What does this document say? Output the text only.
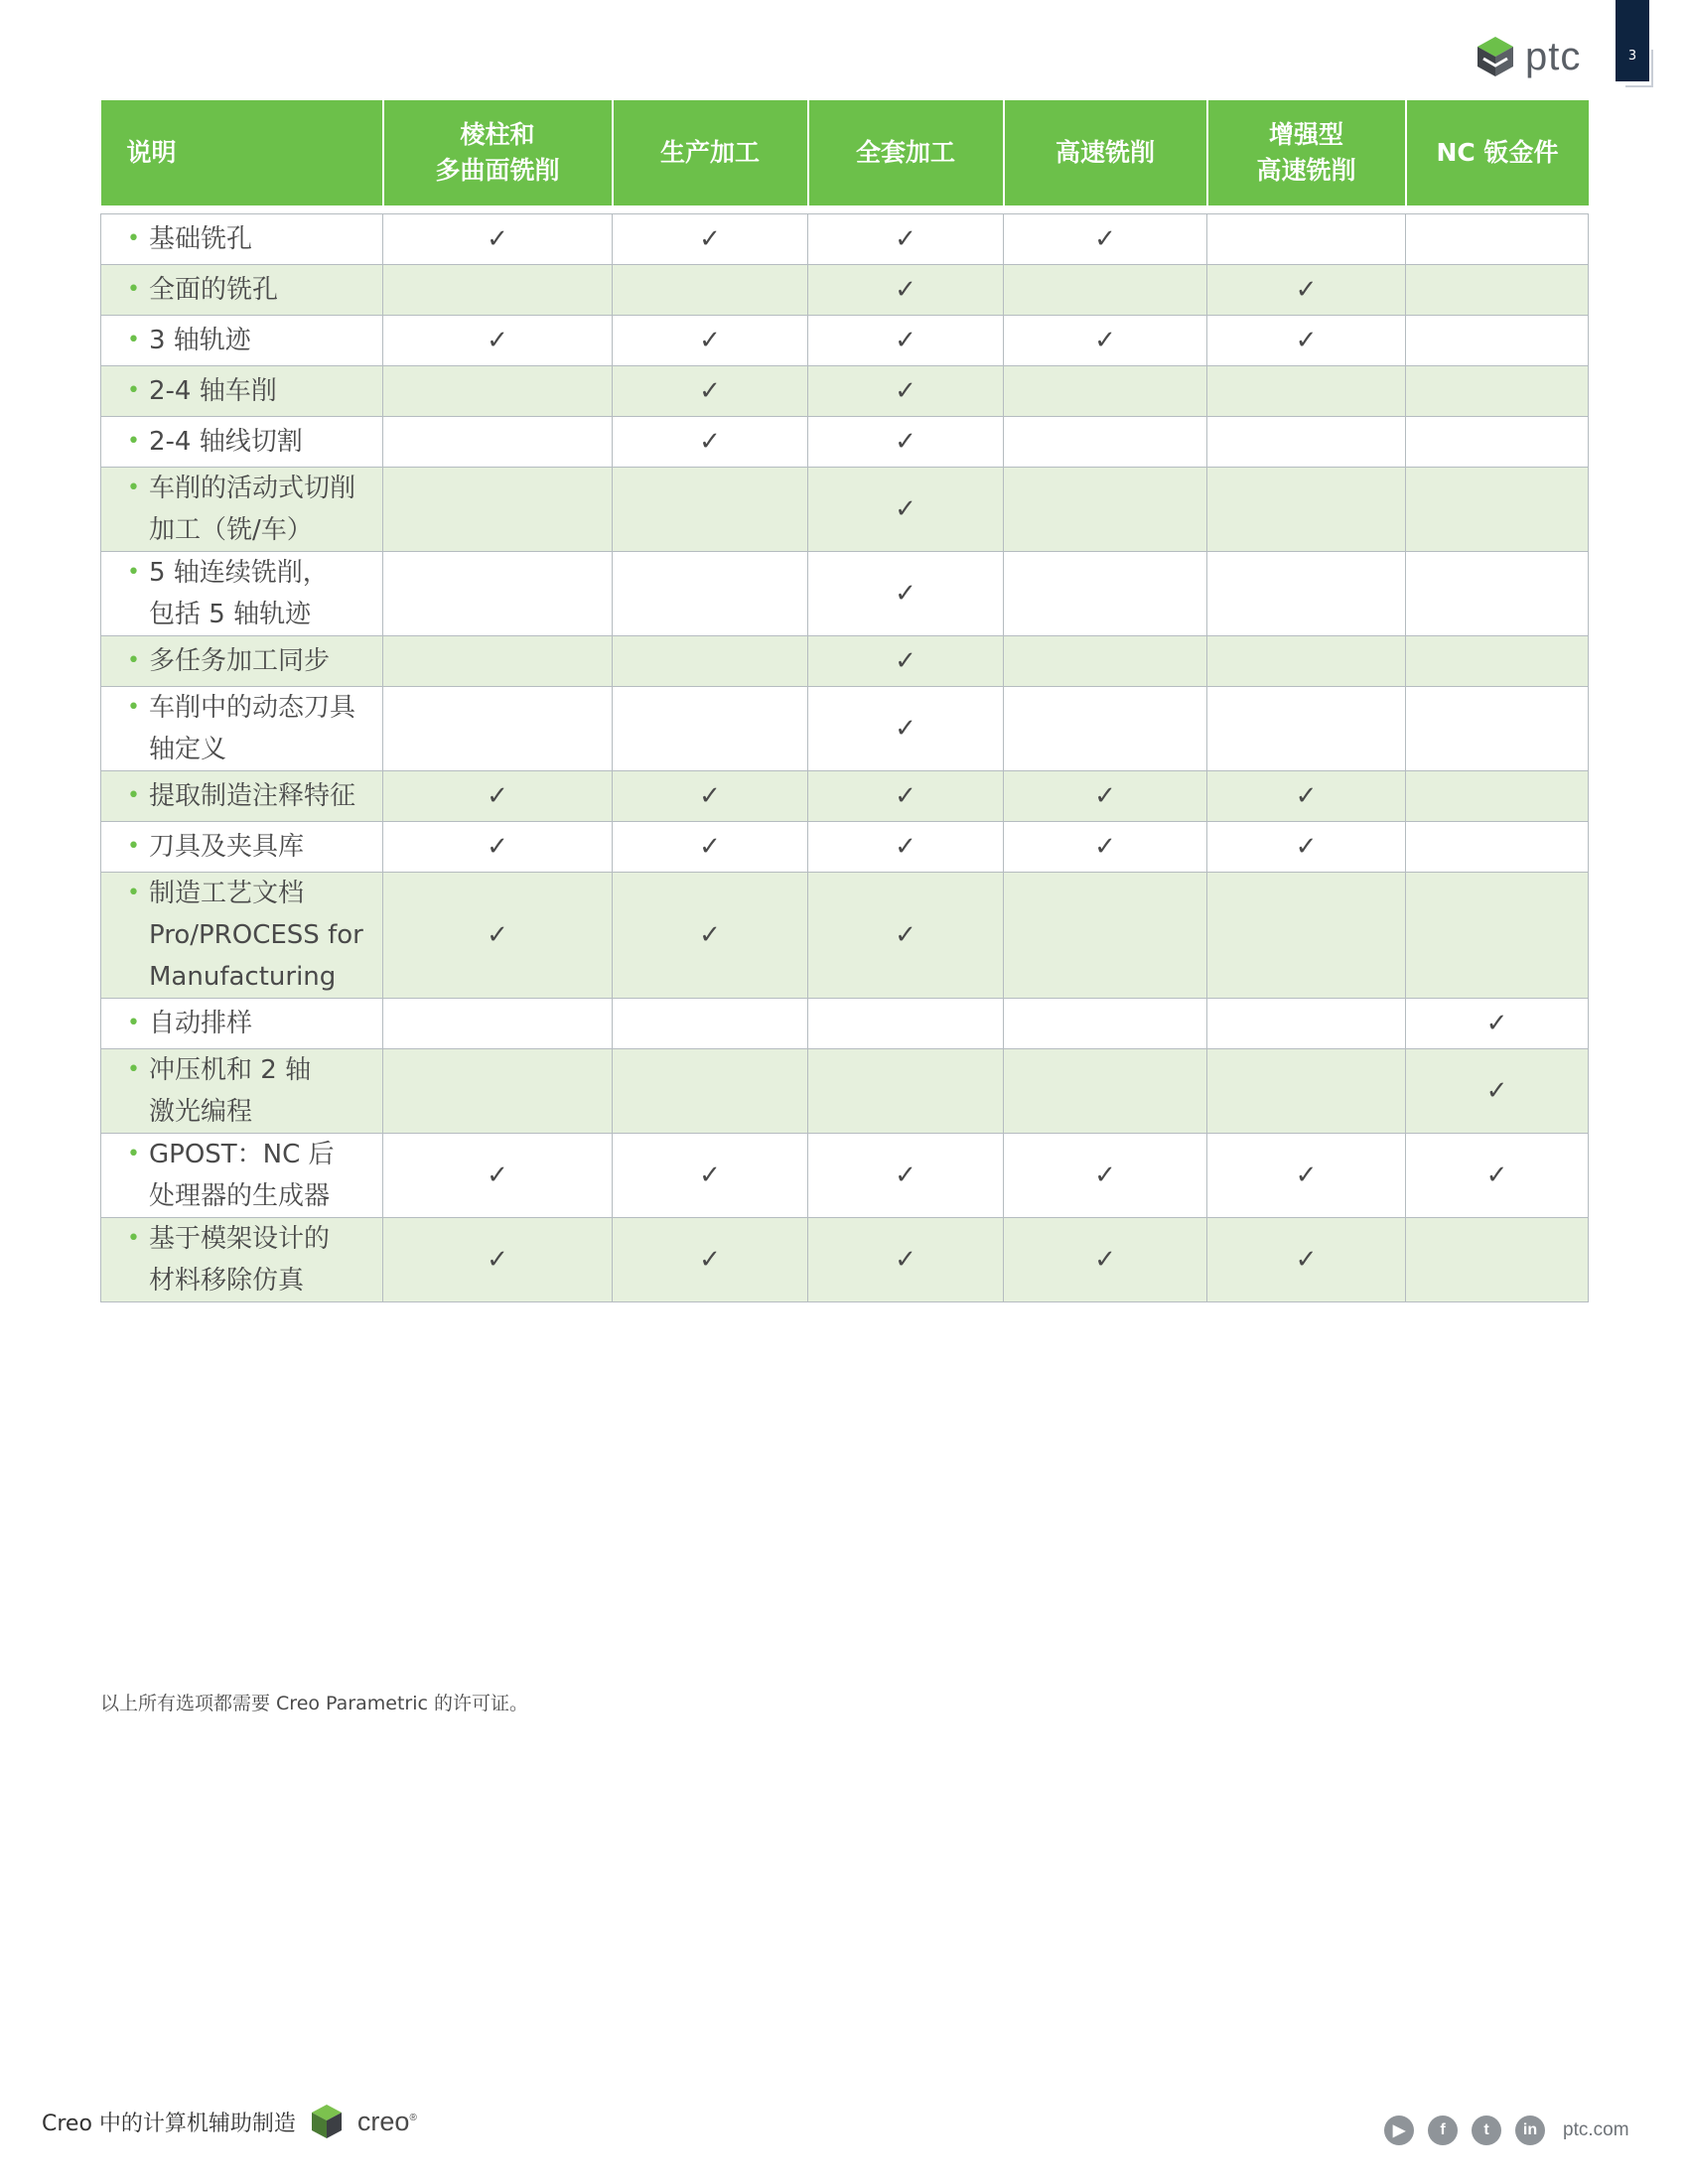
3
ptc
说明	棱柱和
多曲面铣削	生产加工	全套加工	高速铣削	增强型
高速铣削	NC 钣金件

• 基础铣孔	✓	✓	✓	✓		

• 全面的铣孔			✓		✓	

• 3 轴轨迹	✓	✓	✓	✓	✓	

• 2-4 轴车削		✓	✓			

• 2-4 轴线切割		✓	✓			

• 车削的活动式切削
加工（铣/车）			✓			

• 5 轴连续铣削，
包括 5 轴轨迹			✓			

• 多任务加工同步			✓			

• 车削中的动态刀具
轴定义			✓			

• 提取制造注释特征	✓	✓	✓	✓	✓	

• 刀具及夹具库	✓	✓	✓	✓	✓	

• 制造工艺文档
Pro/PROCESS for
Manufacturing	✓	✓	✓			

• 自动排样						✓

• 冲压机和 2 轴
激光编程						✓

• GPOST：NC 后
处理器的生成器	✓	✓	✓	✓	✓	✓

• 基于模架设计的
材料移除仿真	✓	✓	✓	✓	✓	
以上所有选项都需要 Creo Parametric 的许可证。
Creo 中的计算机辅助制造 creo®
▶	f	t	in	ptc.com
